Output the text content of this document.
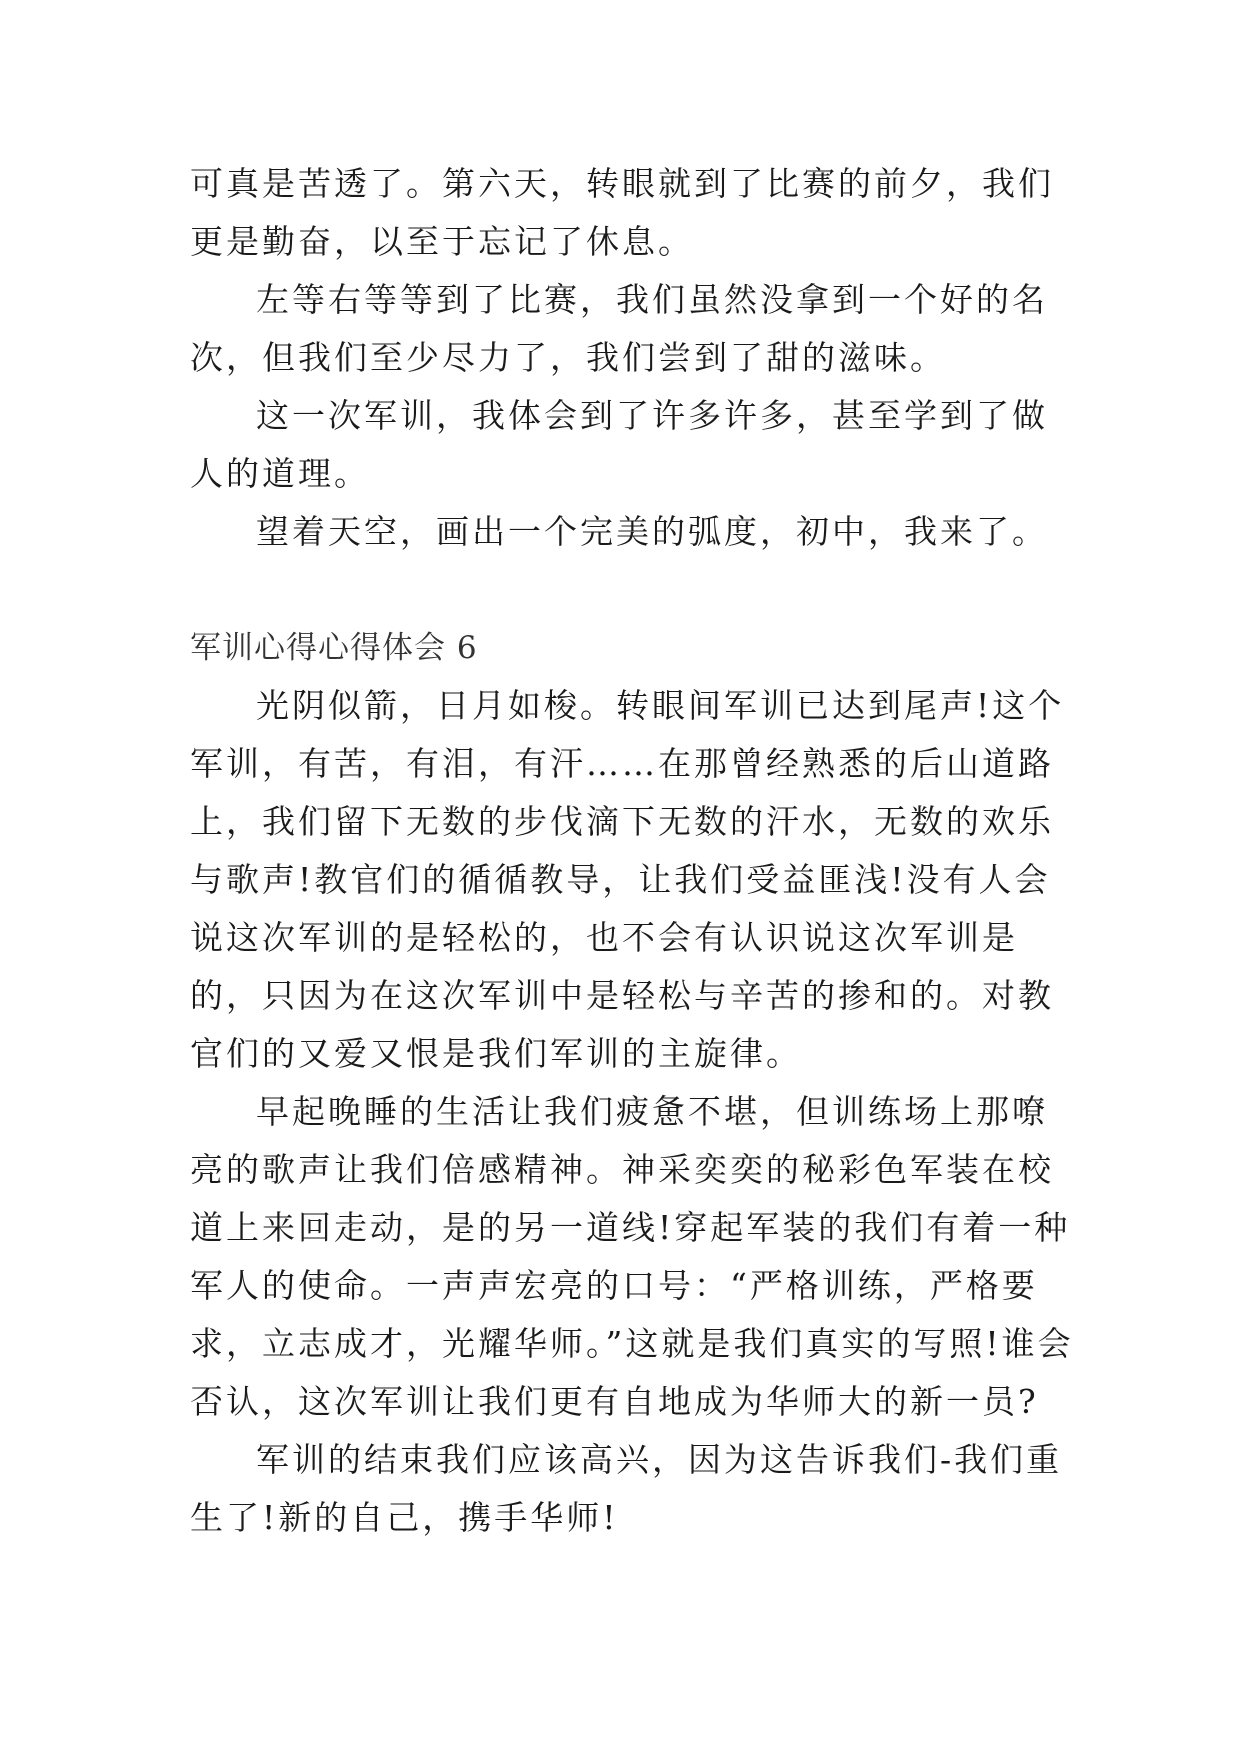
可真是苦透了。第六天，转眼就到了比赛的前夕，我们更是勤奋，以至于忘记了休息。

左等右等等到了比赛，我们虽然没拿到一个好的名次，但我们至少尽力了，我们尝到了甜的滋味。

这一次军训，我体会到了许多许多，甚至学到了做人的道理。

望着天空，画出一个完美的弧度，初中，我来了。

军训心得心得体会 6

光阴似箭，日月如梭。转眼间军训已达到尾声!这个军训，有苦，有泪，有汗……在那曾经熟悉的后山道路上，我们留下无数的步伐滴下无数的汗水，无数的欢乐与歌声!教官们的循循教导，让我们受益匪浅!没有人会说这次军训的是轻松的，也不会有认识说这次军训是的，只因为在这次军训中是轻松与辛苦的掺和的。对教官们的又爱又恨是我们军训的主旋律。

早起晚睡的生活让我们疲惫不堪，但训练场上那嘹亮的歌声让我们倍感精神。神采奕奕的秘彩色军装在校道上来回走动，是的另一道线!穿起军装的我们有着一种军人的使命。一声声宏亮的口号：“严格训练，严格要求，立志成才，光耀华师。”这就是我们真实的写照!谁会否认，这次军训让我们更有自地成为华师大的新一员?

军训的结束我们应该高兴，因为这告诉我们-我们重生了!新的自己，携手华师!
